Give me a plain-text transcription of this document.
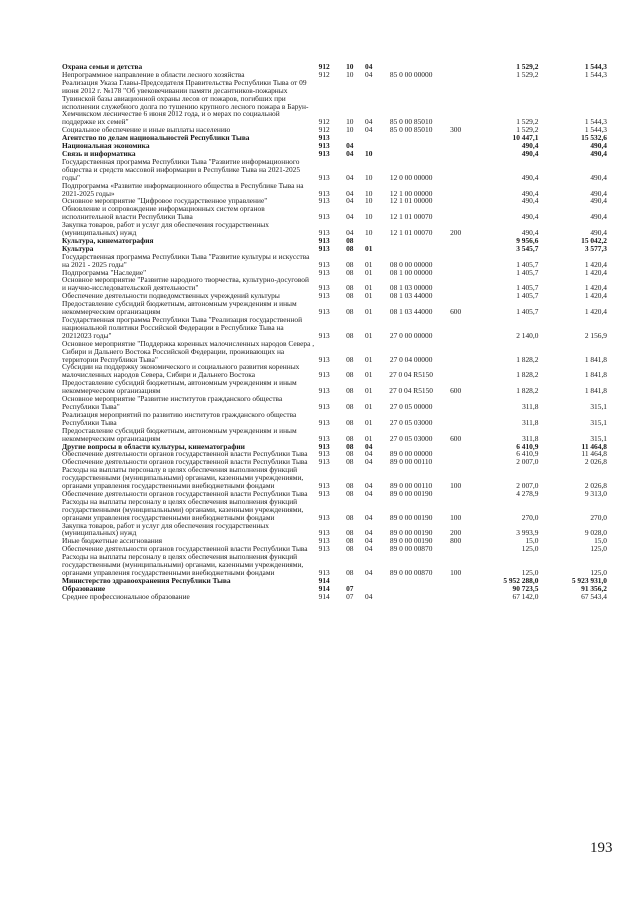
Охрана семьи и детства	912	10	04			1 529,2	1 544,3
Непрограммное направление в области лесного хозяйства	912	10	04	85 0 00 00000		1 529,2	1 544,3
Реализация Указа Главы-Председателя Правительства Республики Тыва от 09 июня 2012 г. №178 "Об увековечивании памяти десантников-пожарных Тувинской базы авиационной охраны лесов от пожаров, погибших при исполнении служебного долга по тушению крупного лесного пожара в Барун-Хемчикском лесничестве 6 июня 2012 года, и о мерах по социальной поддержке их семей"	912	10	04	85 0 00 85010		1 529,2	1 544,3
Социальное обеспечение и иные выплаты населению	912	10	04	85 0 00 85010	300	1 529,2	1 544,3
Агентство по делам национальностей Республики Тыва	913					10 447,1	15 532,6
Национальная экономика	913	04				490,4	490,4
Связь и информатика	913	04	10			490,4	490,4
Государственная программа Республики Тыва "Развитие информационного общества и средств массовой информации в Республике Тыва на 2021-2025 годы"	913	04	10	12 0 00 00000		490,4	490,4
Подпрограмма «Развитие информационного общества в Республике Тыва на 2021-2025 годы»	913	04	10	12 1 00 00000		490,4	490,4
Основное мероприятие "Цифровое государственное управление"	913	04	10	12 1 01 00000		490,4	490,4
Обновление и сопровождение информационных систем органов исполнительной власти Республики Тыва	913	04	10	12 1 01 00070		490,4	490,4
Закупка товаров, работ и услуг для обеспечения государственных (муниципальных) нужд	913	04	10	12 1 01 00070	200	490,4	490,4
Культура, кинематография	913	08				9 956,6	15 042,2
Культура	913	08	01			3 545,7	3 577,3
Государственная программа Республики Тыва "Развитие культуры и искусства на 2021 - 2025 годы"	913	08	01	08 0 00 00000		1 405,7	1 420,4
Подпрограмма "Наследие"	913	08	01	08 1 00 00000		1 405,7	1 420,4
Основное мероприятие "Развитие народного творчества, культурно-досуговой и научно-исследовательской деятельности"	913	08	01	08 1 03 00000		1 405,7	1 420,4
Обеспечение деятельности подведомственных учреждений культуры	913	08	01	08 1 03 44000		1 405,7	1 420,4
Предоставление субсидий бюджетным, автономным учреждениям и иным некоммерческим организациям	913	08	01	08 1 03 44000	600	1 405,7	1 420,4
Государственная программа Республики Тыва "Реализация государственной национальной политики Российской Федерации в Республике Тыва на 20212023 годы"	913	08	01	27 0 00 00000		2 140,0	2 156,9
Основное мероприятие "Поддержка коренных малочисленных народов Севера , Сибири и Дальнего Востока Российской Федерации, проживающих на территории Республики Тыва"	913	08	01	27 0 04 00000		1 828,2	1 841,8
Субсидии на поддержку экономического и социального развития коренных малочисленных народов Севера, Сибири и Дальнего Востока	913	08	01	27 0 04 R5150		1 828,2	1 841,8
Предоставление субсидий бюджетным, автономным учреждениям и иным некоммерческим организациям	913	08	01	27 0 04 R5150	600	1 828,2	1 841,8
Основное мероприятие "Развитие институтов гражданского общества Республики Тыва"	913	08	01	27 0 05 00000		311,8	315,1
Реализация мероприятий по развитию институтов гражданского общества Республики Тыва	913	08	01	27 0 05 03000		311,8	315,1
Предоставление субсидий бюджетным, автономным учреждениям и иным некоммерческим организациям	913	08	01	27 0 05 03000	600	311,8	315,1
Другие вопросы в области культуры, кинематографии	913	08	04			6 410,9	11 464,8
Обеспечение деятельности органов государственной власти Республики Тыва	913	08	04	89 0 00 00000		6 410,9	11 464,8
Обеспечение деятельности органов государственной власти Республики Тыва	913	08	04	89 0 00 00110		2 007,0	2 026,8
Расходы на выплаты персоналу в целях обеспечения выполнения функций государственными (муниципальными) органами, казенными учреждениями, органами управления государственными внебюджетными фондами	913	08	04	89 0 00 00110	100	2 007,0	2 026,8
Обеспечение деятельности органов государственной власти Республики Тыва	913	08	04	89 0 00 00190		4 278,9	9 313,0
Расходы на выплаты персоналу в целях обеспечения выполнения функций государственными (муниципальными) органами, казенными учреждениями, органами управления государственными внебюджетными фондами	913	08	04	89 0 00 00190	100	270,0	270,0
Закупка товаров, работ и услуг для обеспечения государственных (муниципальных) нужд	913	08	04	89 0 00 00190	200	3 993,9	9 028,0
Иные бюджетные ассигнования	913	08	04	89 0 00 00190	800	15,0	15,0
Обеспечение деятельности органов государственной власти Республики Тыва	913	08	04	89 0 00 00870		125,0	125,0
Расходы на выплаты персоналу в целях обеспечения выполнения функций государственными (муниципальными) органами, казенными учреждениями, органами управления государственными внебюджетными фондами	913	08	04	89 0 00 00870	100	125,0	125,0
Министерство здравоохранения Республики Тыва	914					5 952 288,0	5 923 931,0
Образование	914	07				90 723,5	91 356,2
Среднее профессиональное образование	914	07	04			67 142,0	67 543,4
193
